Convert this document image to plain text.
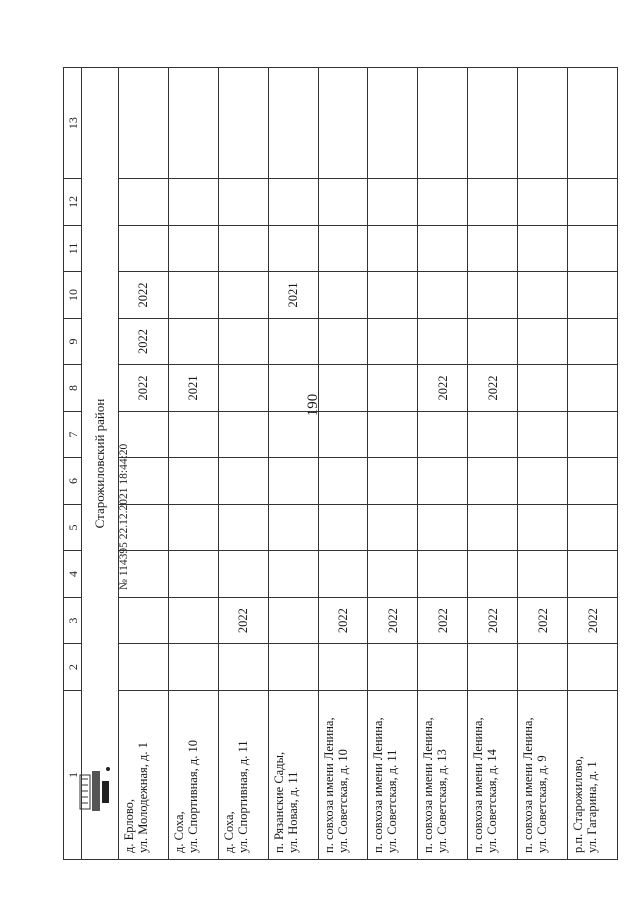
190
1	2	3	4	5	6	7	8	9	10	11	12	13
Старожиловский район												

д. Ерлово, ул. Молодежная, д. 1							2022	2022	2022			

д. Соха, ул. Спортивная, д. 10							2021					

д. Соха, ул. Спортивная, д. 11		2022										

п. Рязанские Сады, ул. Новая, д. 11									2021			

п. совхоза имени Ленина, ул. Советская, д. 10		2022										

п. совхоза имени Ленина, ул. Советская, д. 11		2022										

п. совхоза имени Ленина, ул. Советская, д. 13		2022					2022					

п. совхоза имени Ленина, ул. Советская, д. 14		2022					2022					

п. совхоза имени Ленина, ул. Советская, д. 9		2022										

р.п. Старожилово, ул. Гагарина, д. 1		2022										
№ 114395 22.12.2021 18:44:20
